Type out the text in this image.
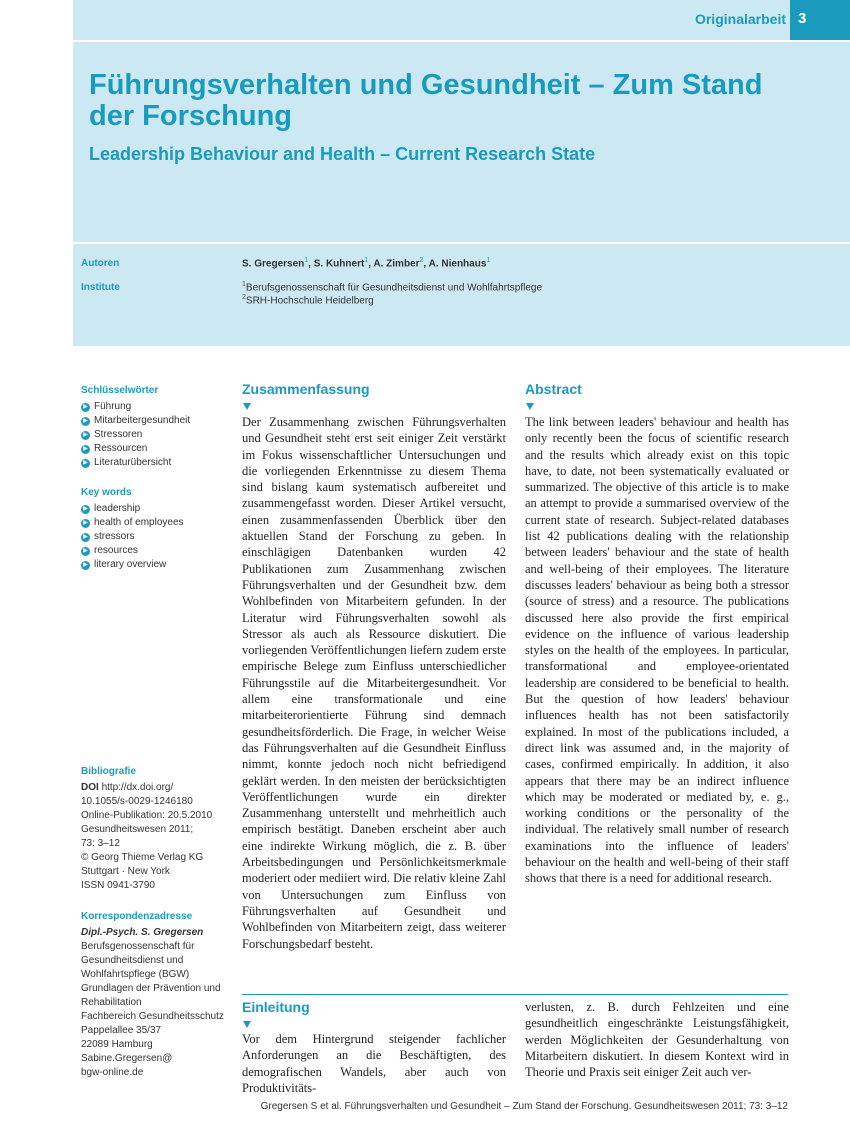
Originalarbeit 3
Führungsverhalten und Gesundheit – Zum Stand der Forschung
Leadership Behaviour and Health – Current Research State
Autoren
Institute
S. Gregersen$^1$, S. Kuhnert$^1$, A. Zimber$^2$, A. Nienhaus$^1$
$^1$Berufsgenossenschaft für Gesundheitsdienst und Wohlfahrtspflege
$^2$SRH-Hochschule Heidelberg
Schlüsselwörter
▶ Führung
▶ Mitarbeitergesundheit
▶ Stressoren
▶ Ressourcen
▶ Literaturübersicht
Key words
▶ leadership
▶ health of employees
▶ stressors
▶ resources
▶ literary overview
Bibliografie

DOI http://dx.doi.org/

10.1055/s-0029-1246180

Online-Publikation: 20.5.2010

Gesundheitswesen 2011;

73: 3–12

© Georg Thieme Verlag KG

Stuttgart · New York

ISSN 0941-3790

Korrespondenzadresse

Dipl.-Psych. S. Gregersen

Berufsgenossenschaft für

Gesundheitsdienst und

Wohlfahrtspflege (BGW)

Grundlagen der Prävention und

Rehabilitation

Fachbereich Gesundheitsschutz

Pappelallee 35/37

22089 Hamburg

Sabine.Gregersen@

bgw-online.de

Zusammenfassung

Der Zusammenhang zwischen Führungsverhalten und Gesundheit steht erst seit einiger Zeit verstärkt im Fokus wissenschaftlicher Untersuchungen und die vorliegenden Erkenntnisse zu diesem Thema sind bislang kaum systematisch aufbereitet und zusammengefasst worden. Dieser Artikel versucht, einen zusammenfassenden Überblick über den aktuellen Stand der Forschung zu geben. In einschlägigen Datenbanken wurden 42 Publikationen zum Zusammenhang zwischen Führungsverhalten und der Gesundheit bzw. dem Wohlbefinden von Mitarbeitern gefunden. In der Literatur wird Führungsverhalten sowohl als Stressor als auch als Ressource diskutiert. Die vorliegenden Veröffentlichungen liefern zudem erste empirische Belege zum Einfluss unterschiedlicher Führungsstile auf die Mitarbeitergesundheit. Vor allem eine transformationale und eine mitarbeiterorientierte Führung sind demnach gesundheitsförderlich. Die Frage, in welcher Weise das Führungsverhalten auf die Gesundheit Einfluss nimmt, konnte jedoch noch nicht befriedigend geklärt werden. In den meisten der berücksichtigten Veröffentlichungen wurde ein direkter Zusammenhang unterstellt und mehrheitlich auch empirisch bestätigt. Daneben erscheint aber auch eine indirekte Wirkung möglich, die z. B. über Arbeitsbedingungen und Persönlichkeitsmerkmale moderiert oder mediiert wird. Die relativ kleine Zahl von Untersuchungen zum Einfluss von Führungsverhalten auf Gesundheit und Wohlbefinden von Mitarbeitern zeigt, dass weiterer Forschungsbedarf besteht.

Abstract

The link between leaders' behaviour and health has only recently been the focus of scientific research and the results which already exist on this topic have, to date, not been systematically evaluated or summarized. The objective of this article is to make an attempt to provide a summarised overview of the current state of research. Subject-related databases list 42 publications dealing with the relationship between leaders' behaviour and the state of health and well-being of their employees. The literature discusses leaders' behaviour as being both a stressor (source of stress) and a resource. The publications discussed here also provide the first empirical evidence on the influence of various leadership styles on the health of the employees. In particular, transformational and employee-orientated leadership are considered to be beneficial to health. But the question of how leaders' behaviour influences health has not been satisfactorily explained. In most of the publications included, a direct link was assumed and, in the majority of cases, confirmed empirically. In addition, it also appears that there may be an indirect influence which may be moderated or mediated by, e. g., working conditions or the personality of the individual. The relatively small number of research examinations into the influence of leaders' behaviour on the health and well-being of their staff shows that there is a need for additional research.

Einleitung

Vor dem Hintergrund steigender fachlicher Anforderungen an die Beschäftigten, des demografischen Wandels, aber auch von Produktivitäts-

verlusten, z. B. durch Fehlzeiten und eine gesundheitlich eingeschränkte Leistungsfähigkeit, werden Möglichkeiten der Gesunderhaltung von Mitarbeitern diskutiert. In diesem Kontext wird in Theorie und Praxis seit einiger Zeit auch ver-

Gregersen S et al. Führungsverhalten und Gesundheit – Zum Stand der Forschung. Gesundheitswesen 2011; 73: 3–12
